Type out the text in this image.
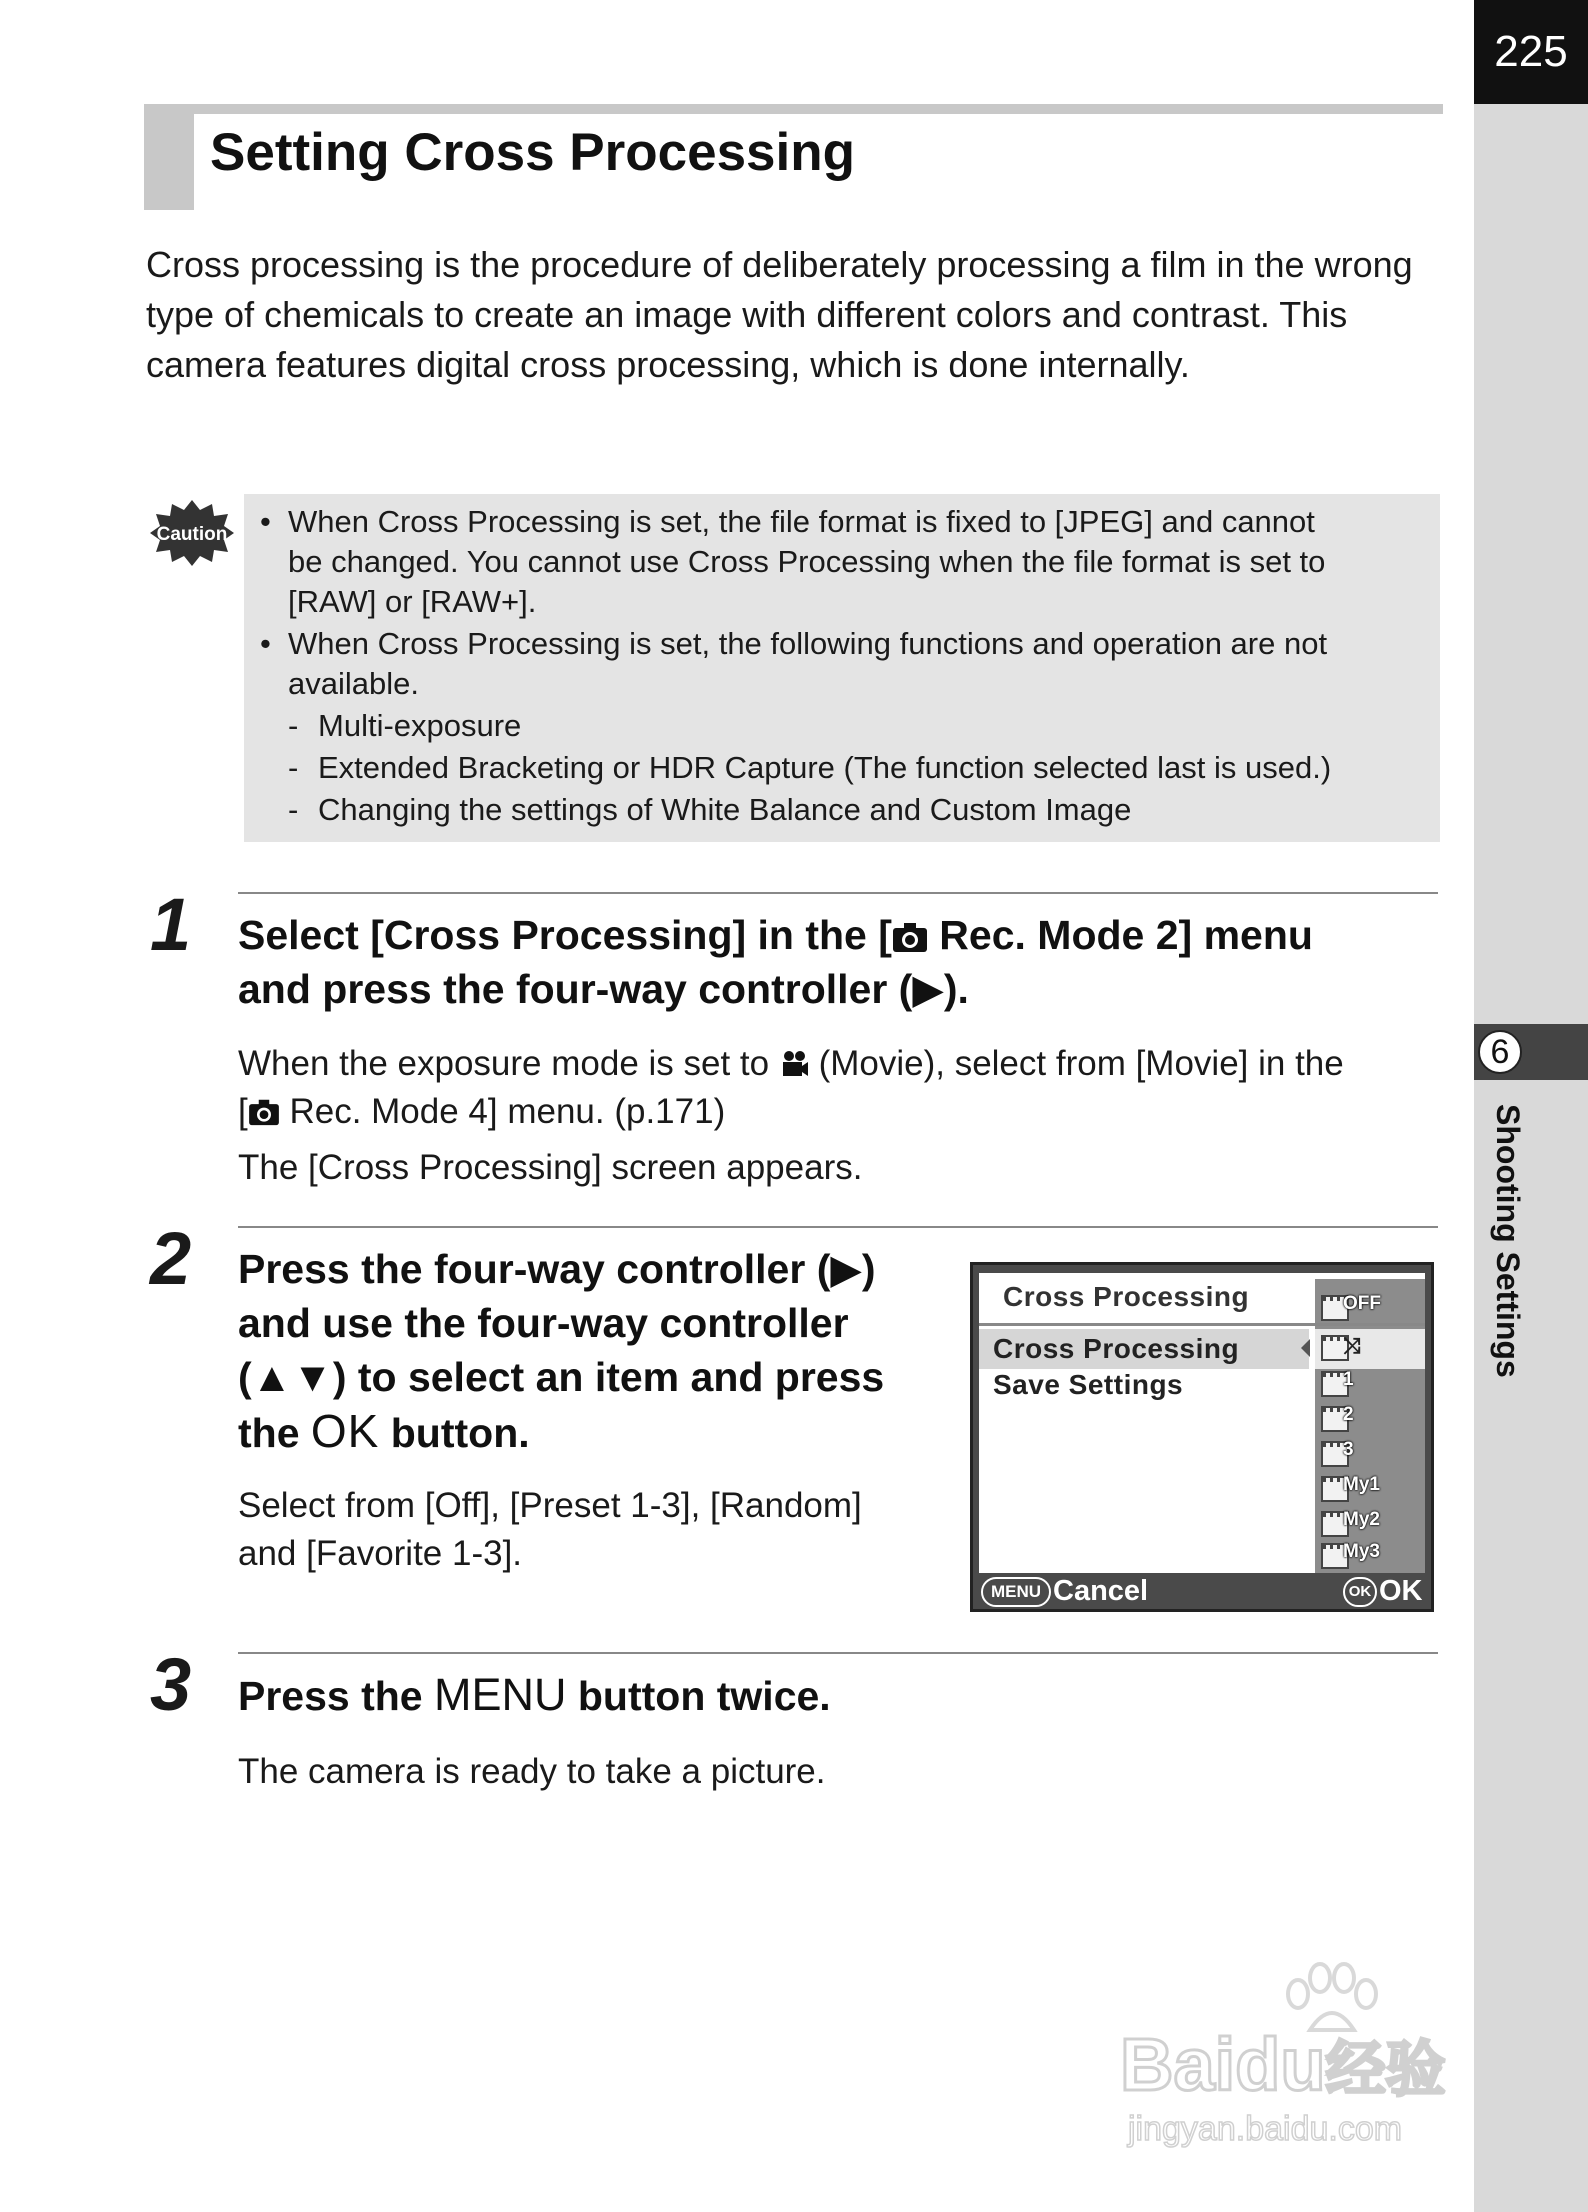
225
6
Shooting Settings
Setting Cross Processing
Cross processing is the procedure of deliberately processing a film in the wrong type of chemicals to create an image with different colors and contrast. This camera features digital cross processing, which is done internally.
Caution • When Cross Processing is set, the file format is fixed to [JPEG] and cannot
be changed. You cannot use Cross Processing when the file format is set to
[RAW] or [RAW+].
• When Cross Processing is set, the following functions and operation are not
available.
- Multi-exposure
- Extended Bracketing or HDR Capture (The function selected last is used.)
- Changing the settings of White Balance and Custom Image
1 Select [Cross Processing] in the [ Rec. Mode 2] menu
and press the four-way controller (▶).
When the exposure mode is set to  (Movie), select from [Movie] in the
[ Rec. Mode 4] menu. (p.171)
The [Cross Processing] screen appears.
2 Press the four-way controller (▶)
and use the four-way controller
(▲▼) to select an item and press
the OK button.
Select from [Off], [Preset 1-3], [Random]
and [Favorite 1-3].
Cross Processing
Cross Processing
Save Settings
OFF
⤨
1
2
3
My1
My2
My3
MENU Cancel	OK OK
3 Press the MENU button twice.
The camera is ready to take a picture.
Baidu经验
jingyan.baidu.com
